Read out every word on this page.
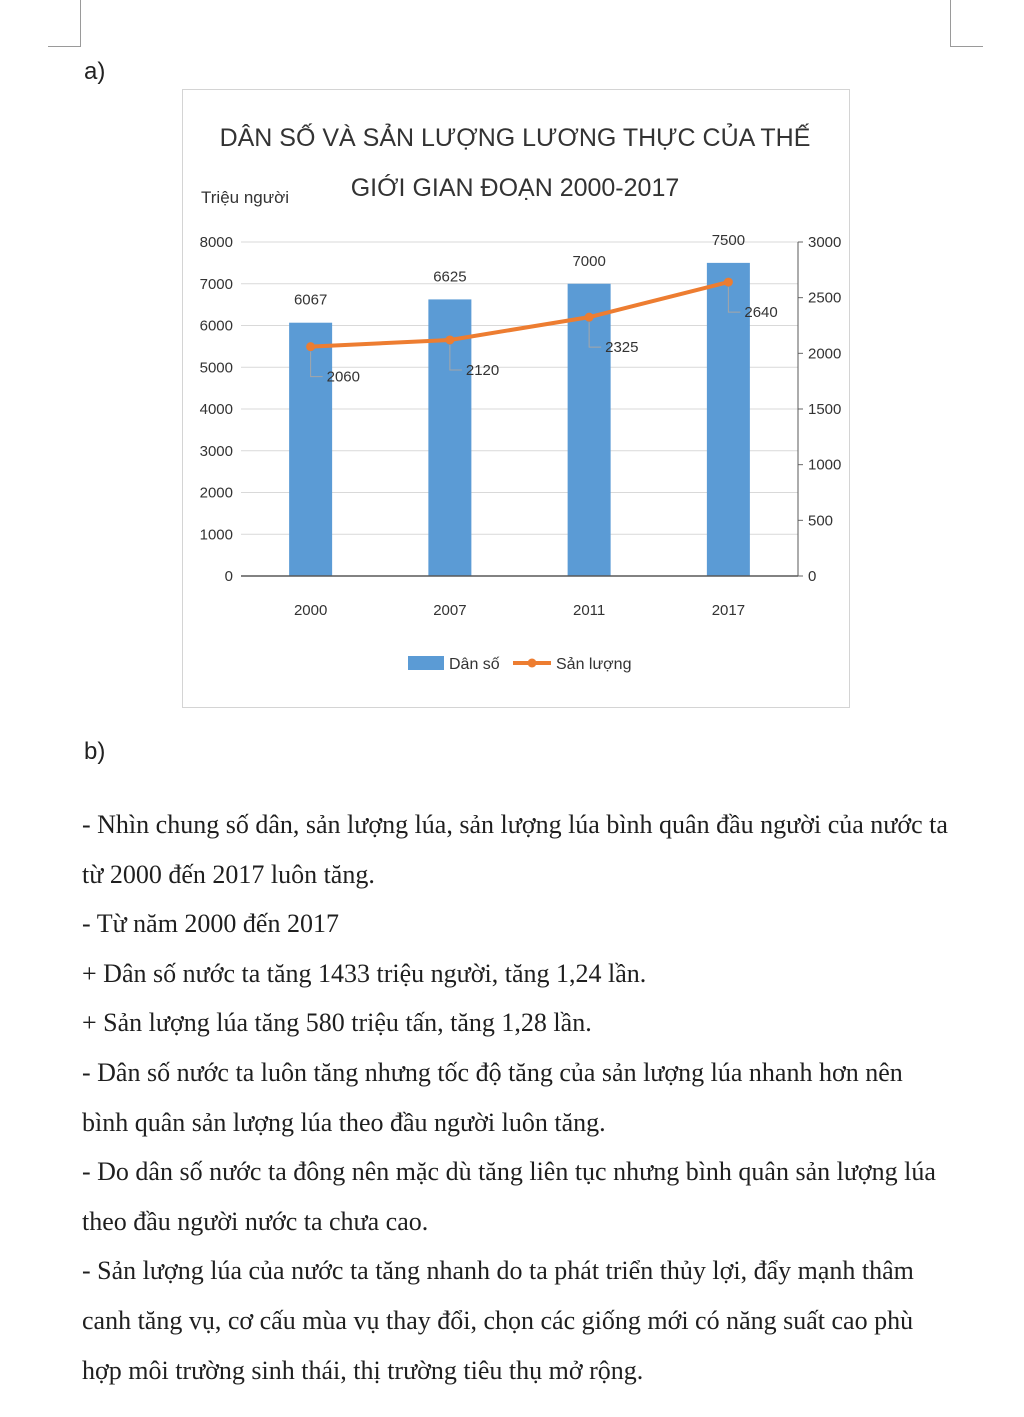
a)
DÂN SỐ VÀ SẢN LƯỢNG LƯƠNG THỰC CỦA THẾ
GIỚI GIAN ĐOẠN 2000-2017
Triệu người
0
1000
2000
3000
4000
5000
6000
7000
8000
0
500
1000
1500
2000
2500
3000
2000	2007	2011	2017
6067
6625
7000
7500
2060	2120
2325
2640
Dân số	Sản lượng
b)

- Nhìn chung số dân, sản lượng lúa, sản lượng lúa bình quân đầu người của nước ta từ 2000 đến 2017 luôn tăng.

- Từ năm 2000 đến 2017

+ Dân số nước ta tăng 1433 triệu người, tăng 1,24 lần.

+ Sản lượng lúa tăng 580 triệu tấn, tăng 1,28 lần.

- Dân số nước ta luôn tăng nhưng tốc độ tăng của sản lượng lúa nhanh hơn nên bình quân sản lượng lúa theo đầu người luôn tăng.

- Do dân số nước ta đông nên mặc dù tăng liên tục nhưng bình quân sản lượng lúa theo đầu người nước ta chưa cao.

- Sản lượng lúa của nước ta tăng nhanh do ta phát triển thủy lợi, đẩy mạnh thâm canh tăng vụ, cơ cấu mùa vụ thay đổi, chọn các giống mới có năng suất cao phù hợp môi trường sinh thái, thị trường tiêu thụ mở rộng.
